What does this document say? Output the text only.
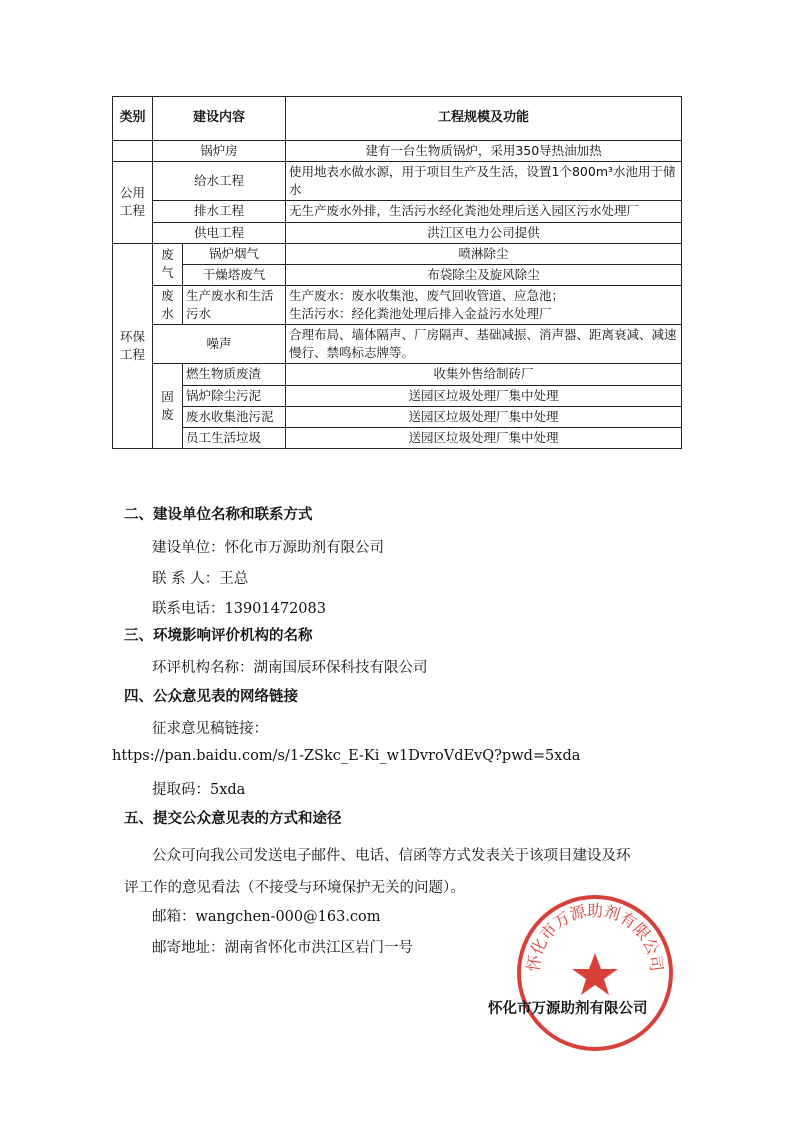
类别	建设内容		工程规模及功能
	锅炉房		建有一台生物质锅炉，采用350导热油加热
公用工程	给水工程		使用地表水做水源，用于项目生产及生活，设置1个800m³水池用于储水
	排水工程		无生产废水外排，生活污水经化粪池处理后送入园区污水处理厂
	供电工程		洪江区电力公司提供
环保工程	废气	锅炉烟气	喷淋除尘
		干燥塔废气	布袋除尘及旋风除尘
	废水	生产废水和生活污水	生产废水：废水收集池、废气回收管道、应急池；
生活污水：经化粪池处理后排入金益污水处理厂

	噪声		合理布局、墙体隔声、厂房隔声、基础减振、消声器、距离衰减、减速慢行、禁鸣标志牌等。
	固废	燃生物质废渣	收集外售给制砖厂
		锅炉除尘污泥	送园区垃圾处理厂集中处理
		废水收集池污泥	送园区垃圾处理厂集中处理
		员工生活垃圾	送园区垃圾处理厂集中处理
二、建设单位名称和联系方式
建设单位：怀化市万源助剂有限公司
联 系 人：王总
联系电话：13901472083
三、环境影响评价机构的名称
环评机构名称：湖南国辰环保科技有限公司
四、公众意见表的网络链接
征求意见稿链接：
https://pan.baidu.com/s/1-ZSkc_E-Ki_w1DvroVdEvQ?pwd=5xda
提取码：5xda
五、提交公众意见表的方式和途径
公众可向我公司发送电子邮件、电话、信函等方式发表关于该项目建设及环
评工作的意见看法（不接受与环境保护无关的问题）。
邮箱：wangchen-000@163.com
邮寄地址：湖南省怀化市洪江区岩门一号
怀化市万源助剂有限公司
怀化市万源助剂有限公司
